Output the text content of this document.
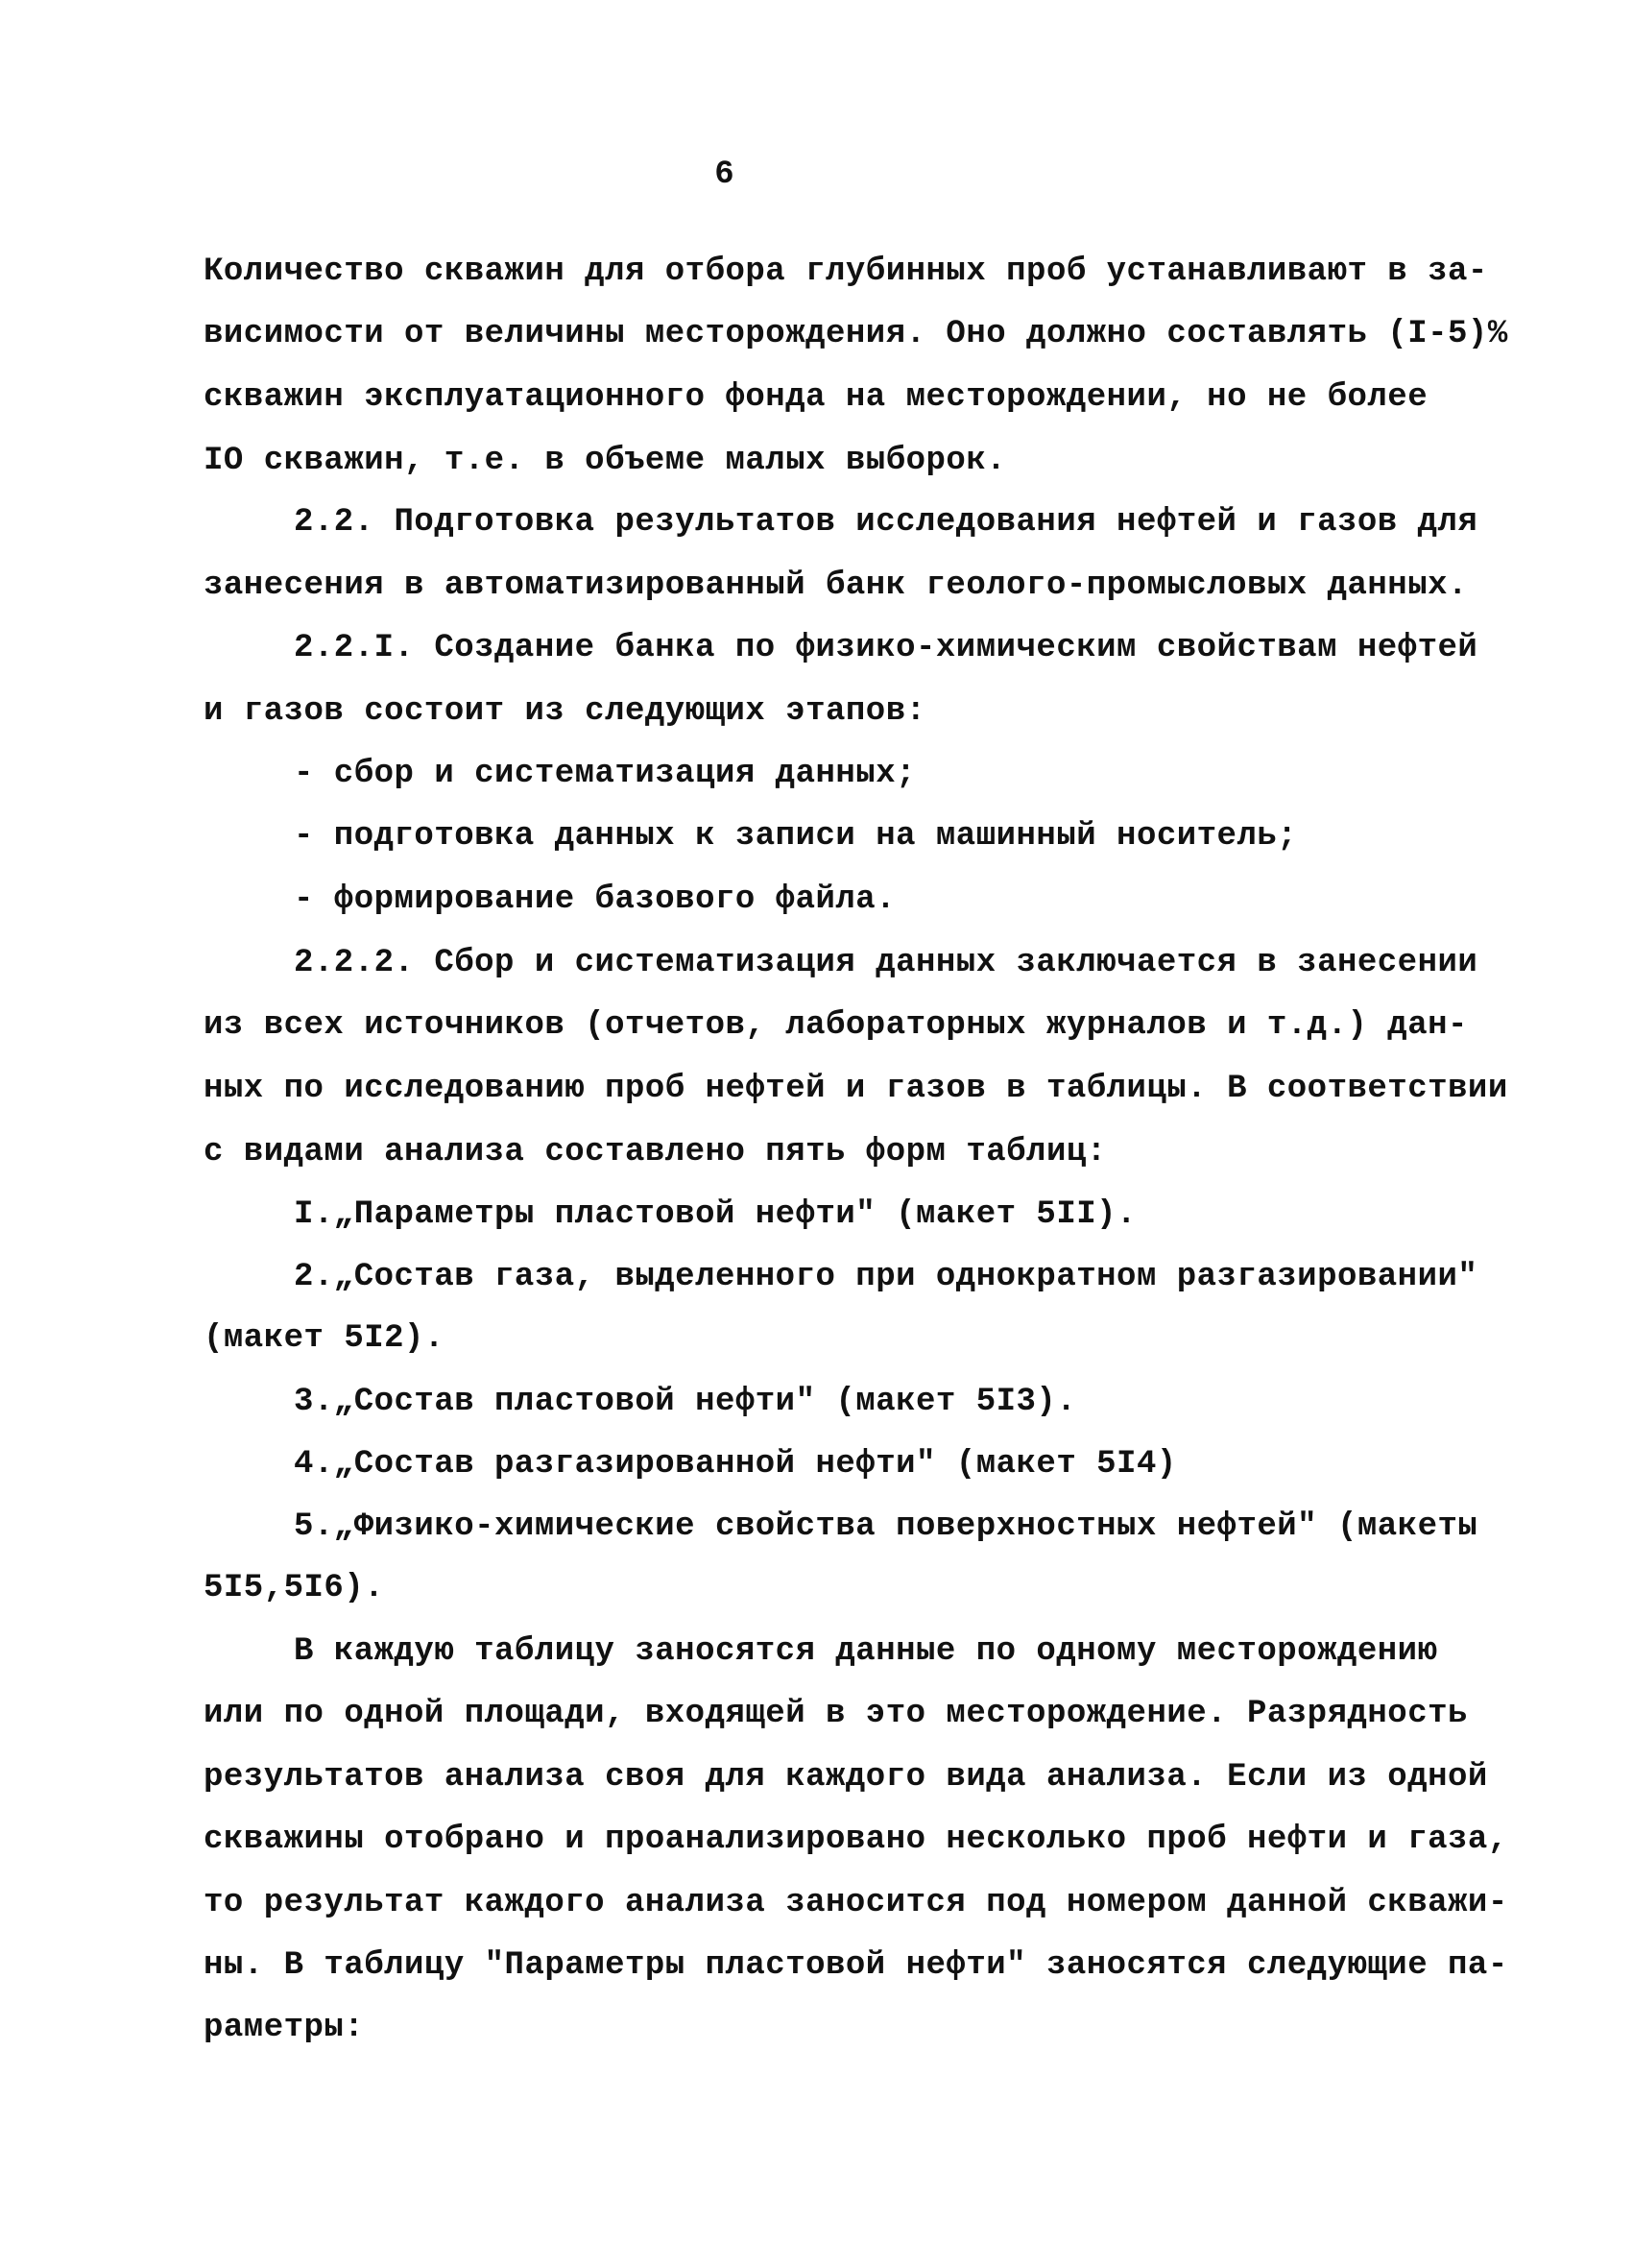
6
Количество скважин для отбора глубинных проб устанавливают в за-
висимости от величины месторождения. Оно должно составлять (I-5)%
скважин эксплуатационного фонда на месторождении, но не более
IO скважин, т.е. в объеме малых выборок.
2.2. Подготовка результатов исследования нефтей и газов для
занесения в автоматизированный банк геолого-промысловых данных.
2.2.I. Создание банка по физико-химическим свойствам нефтей
и газов состоит из следующих этапов:
- сбор и систематизация данных;
- подготовка данных к записи на машинный носитель;
- формирование базового файла.
2.2.2. Сбор и систематизация данных заключается в занесении
из всех источников (отчетов, лабораторных журналов и т.д.) дан-
ных по исследованию проб нефтей и газов в таблицы. В соответствии
с видами анализа составлено пять форм таблиц:
I.„Параметры пластовой нефти" (макет 5II).
2.„Состав газа, выделенного при однократном разгазировании"
(макет 5I2).
3.„Состав пластовой нефти" (макет 5I3).
4.„Состав разгазированной нефти" (макет 5I4)
5.„Физико-химические свойства поверхностных нефтей" (макеты
5I5,5I6).
В каждую таблицу заносятся данные по одному месторождению
или по одной площади, входящей в это месторождение. Разрядность
результатов анализа своя для каждого вида анализа. Если из одной
скважины отобрано и проанализировано несколько проб нефти и газа,
то результат каждого анализа заносится под номером данной скважи-
ны. В таблицу "Параметры пластовой нефти" заносятся следующие па-
раметры:
